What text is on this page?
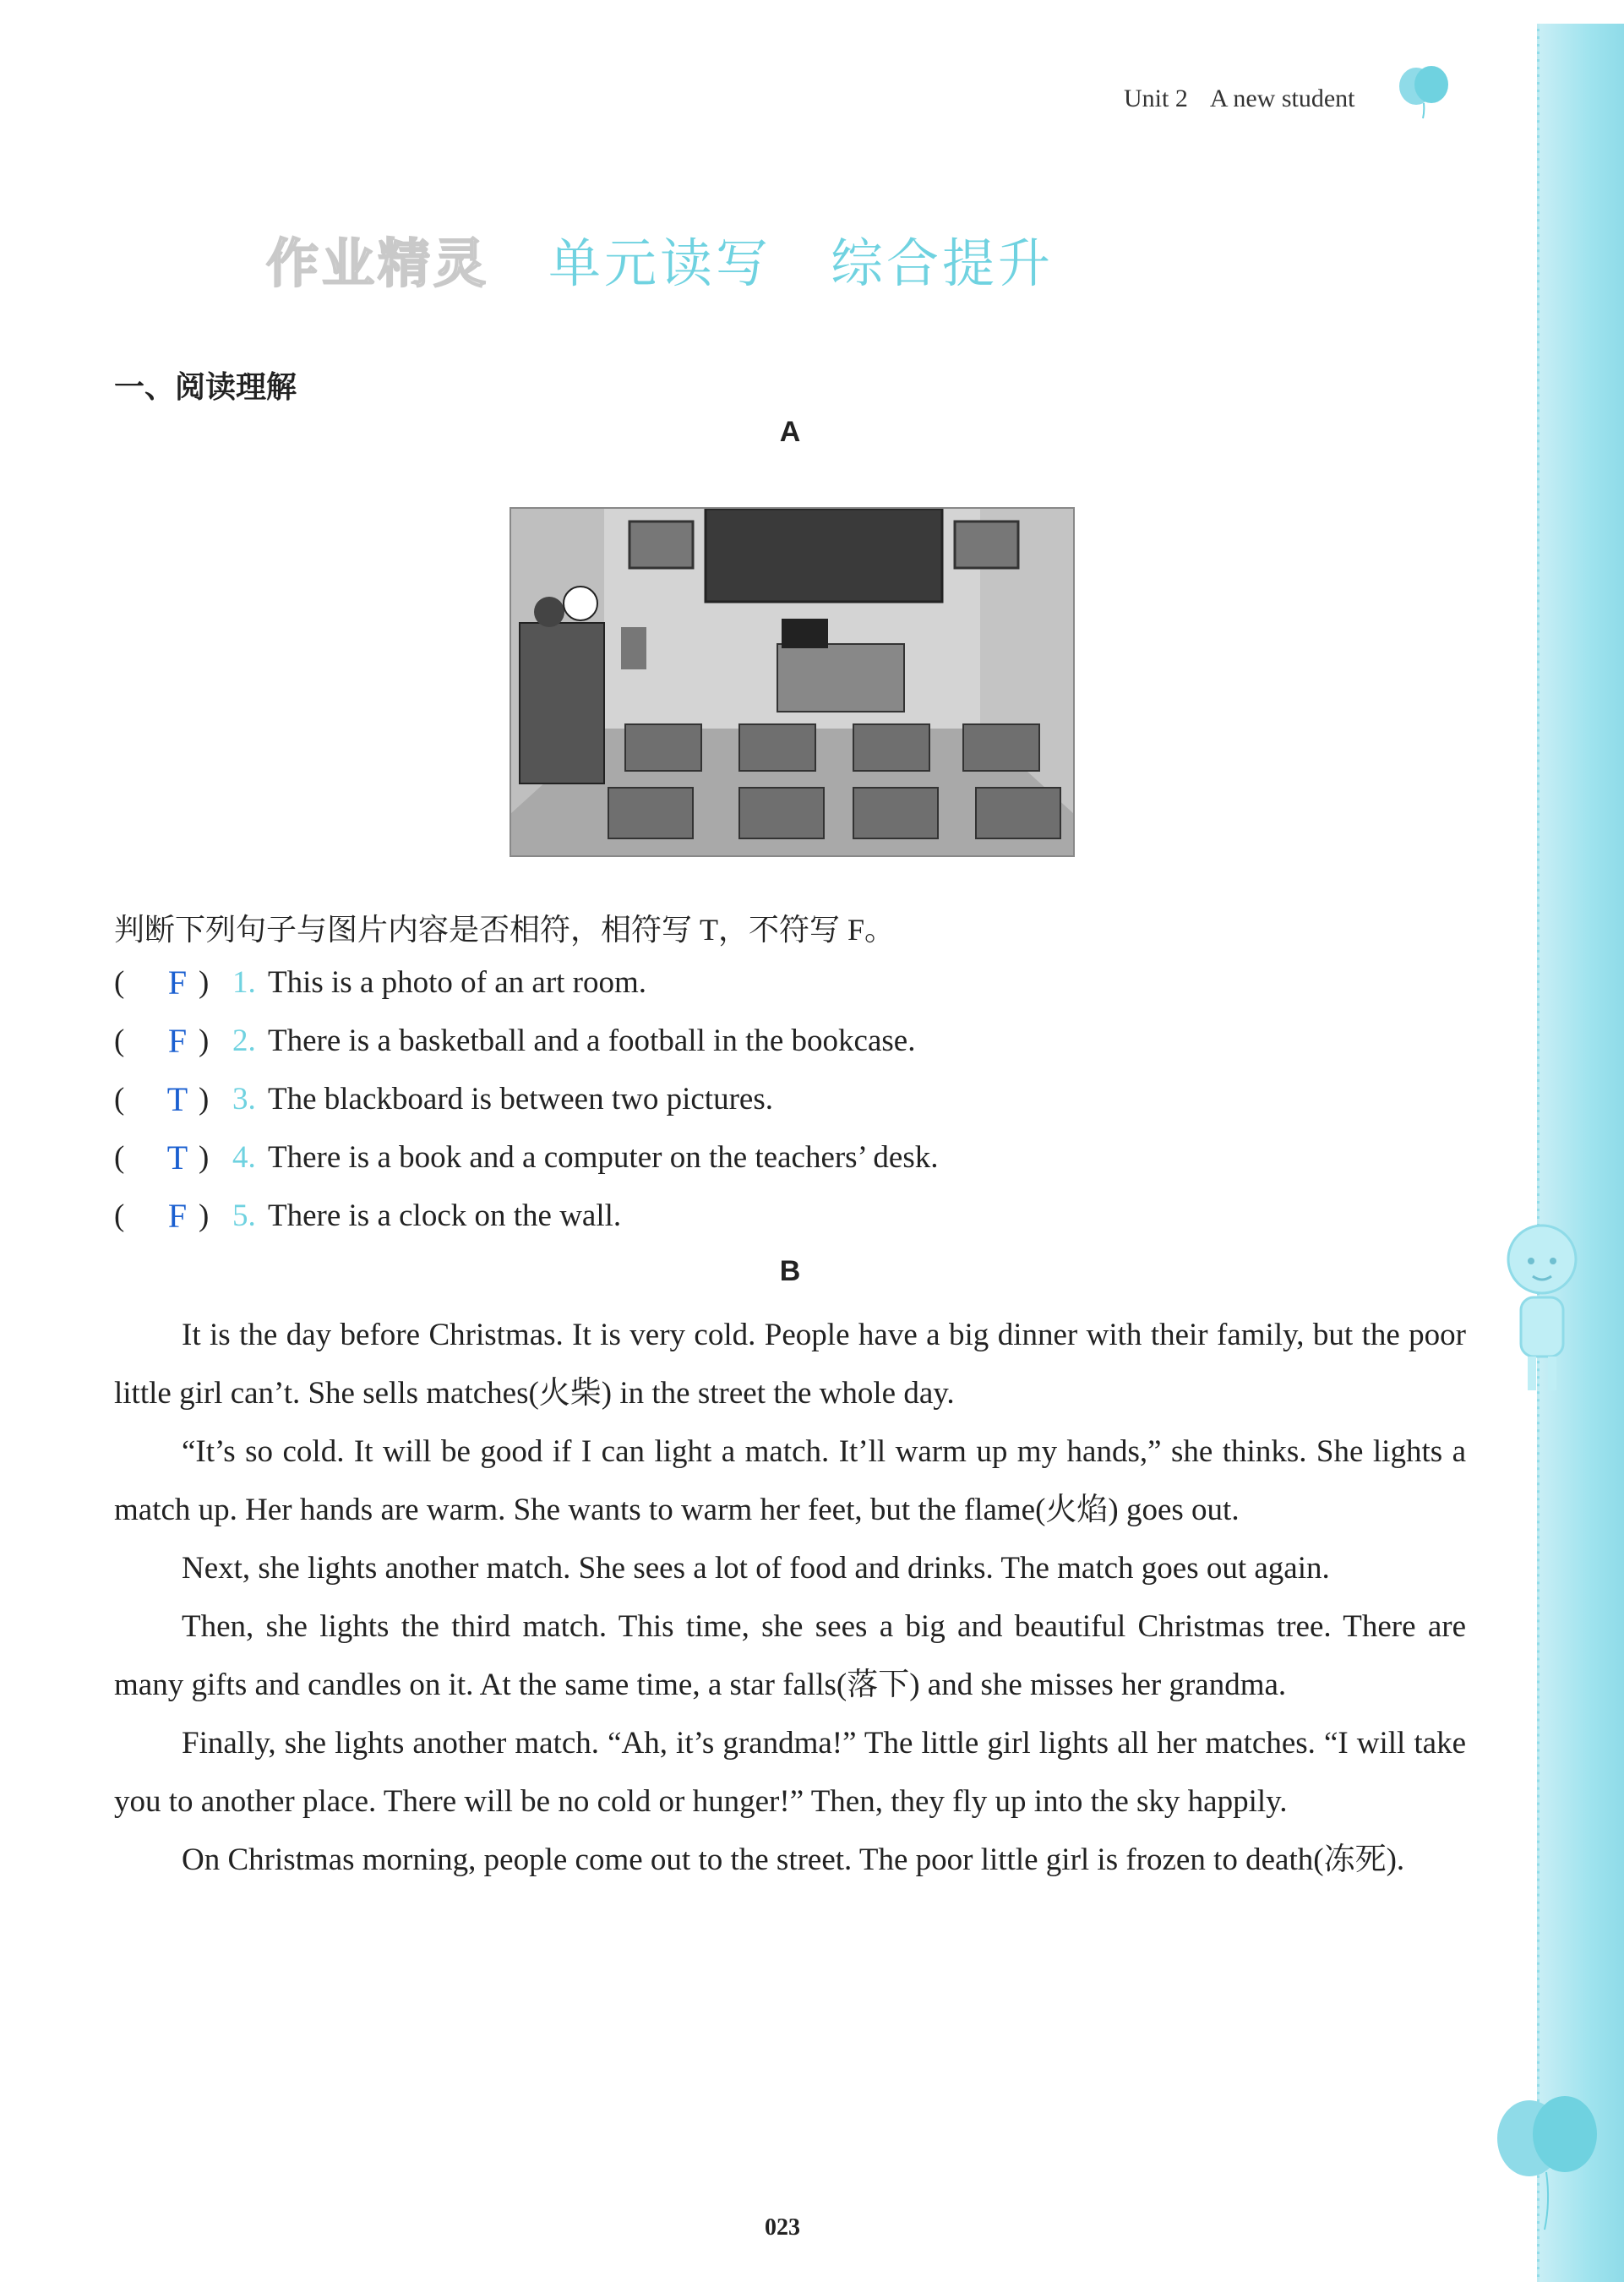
Unit 2 A new student
作业精灵 单元读写 综合提升
一、阅读理解
A
判断下列句子与图片内容是否相符，相符写 T，不符写 F。
(	F ) 1. This is a photo of an art room.
(	F ) 2. There is a basketball and a football in the bookcase.
(	T ) 3. The blackboard is between two pictures.
(	T ) 4. There is a book and a computer on the teachers’ desk.
(	F ) 5. There is a clock on the wall.
B

It is the day before Christmas. It is very cold. People have a big dinner with their family, but the poor little girl can’t. She sells matches(火柴) in the street the whole day.

“It’s so cold. It will be good if I can light a match. It’ll warm up my hands,” she thinks. She lights a match up. Her hands are warm. She wants to warm her feet, but the flame(火焰) goes out.

Next, she lights another match. She sees a lot of food and drinks. The match goes out again.

Then, she lights the third match. This time, she sees a big and beautiful Christmas tree. There are many gifts and candles on it. At the same time, a star falls(落下) and she misses her grandma.

Finally, she lights another match. “Ah, it’s grandma!” The little girl lights all her matches. “I will take you to another place. There will be no cold or hunger!” Then, they fly up into the sky happily.

On Christmas morning, people come out to the street. The poor little girl is frozen to death(冻死).

023
